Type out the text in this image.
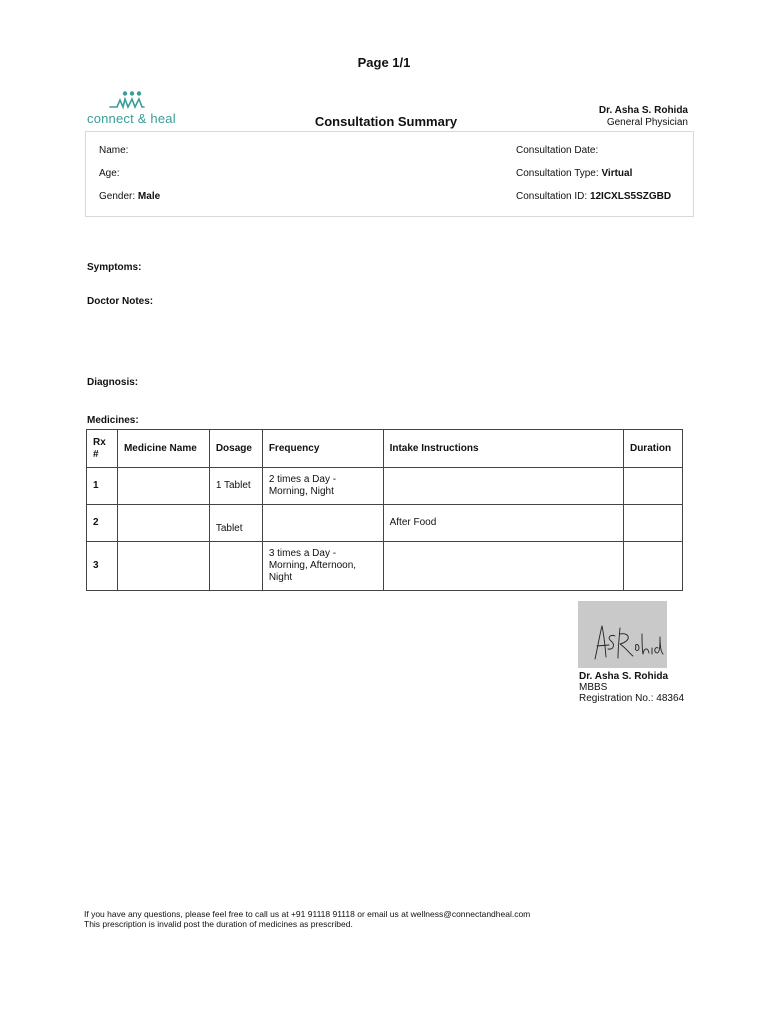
Page 1/1
connect & heal	Consultation Summary
Dr. Asha S. Rohida
General Physician
Name:
Age:
Gender: Male
Consultation Date:
Consultation Type: Virtual
Consultation ID: 12ICXLS5SZGBD
Symptoms:
Doctor Notes:
Diagnosis:
Medicines:
Rx #	Medicine Name	Dosage	Frequency	Intake Instructions	Duration
1		1 Tablet	2 times a Day - Morning, Night		
2		Tablet		After Food	
3			3 times a Day - Morning, Afternoon, Night		
Dr. Asha S. Rohida
MBBS
Registration No.: 48364
If you have any questions, please feel free to call us at +91 91118 91118 or email us at wellness@connectandheal.com
This prescription is invalid post the duration of medicines as prescribed.
